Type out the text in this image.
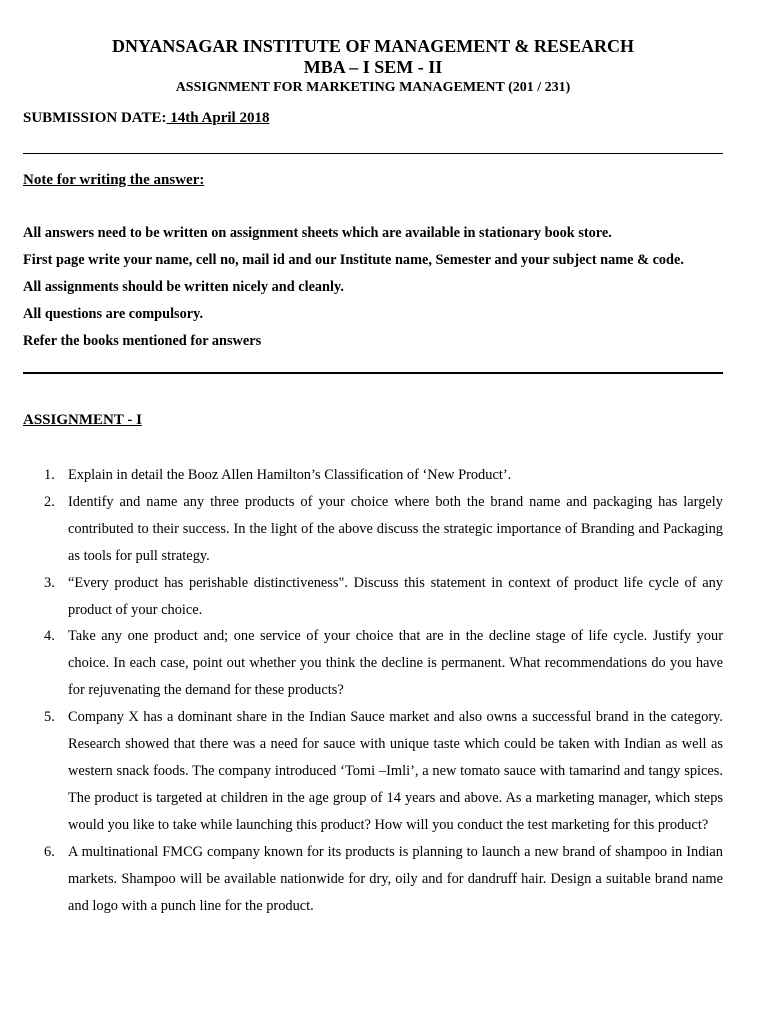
DNYANSAGAR INSTITUTE OF MANAGEMENT & RESEARCH
MBA – I SEM - II
ASSIGNMENT FOR MARKETING MANAGEMENT (201 / 231)
SUBMISSION DATE: 14th April 2018
Note for writing the answer:
All answers need to be written on assignment sheets which are available in stationary book store.
First page write your name, cell no, mail id and our Institute name, Semester and your subject name & code.
All assignments should be written nicely and cleanly.
All questions are compulsory.
Refer the books mentioned for answers
ASSIGNMENT - I
1. Explain in detail the Booz Allen Hamilton’s Classification of ‘New Product’.
2. Identify and name any three products of your choice where both the brand name and packaging has largely contributed to their success. In the light of the above discuss the strategic importance of Branding and Packaging as tools for pull strategy.
3. “Every product has perishable distinctiveness". Discuss this statement in context of product life cycle of any product of your choice.
4. Take any one product and; one service of your choice that are in the decline stage of life cycle. Justify your choice. In each case, point out whether you think the decline is permanent. What recommendations do you have for rejuvenating the demand for these products?
5. Company X has a dominant share in the Indian Sauce market and also owns a successful brand in the category. Research showed that there was a need for sauce with unique taste which could be taken with Indian as well as western snack foods. The company introduced ‘Tomi –Imli’, a new tomato sauce with tamarind and tangy spices. The product is targeted at children in the age group of 14 years and above. As a marketing manager, which steps would you like to take while launching this product? How will you conduct the test marketing for this product?
6. A multinational FMCG company known for its products is planning to launch a new brand of shampoo in Indian markets. Shampoo will be available nationwide for dry, oily and for dandruff hair. Design a suitable brand name and logo with a punch line for the product.
